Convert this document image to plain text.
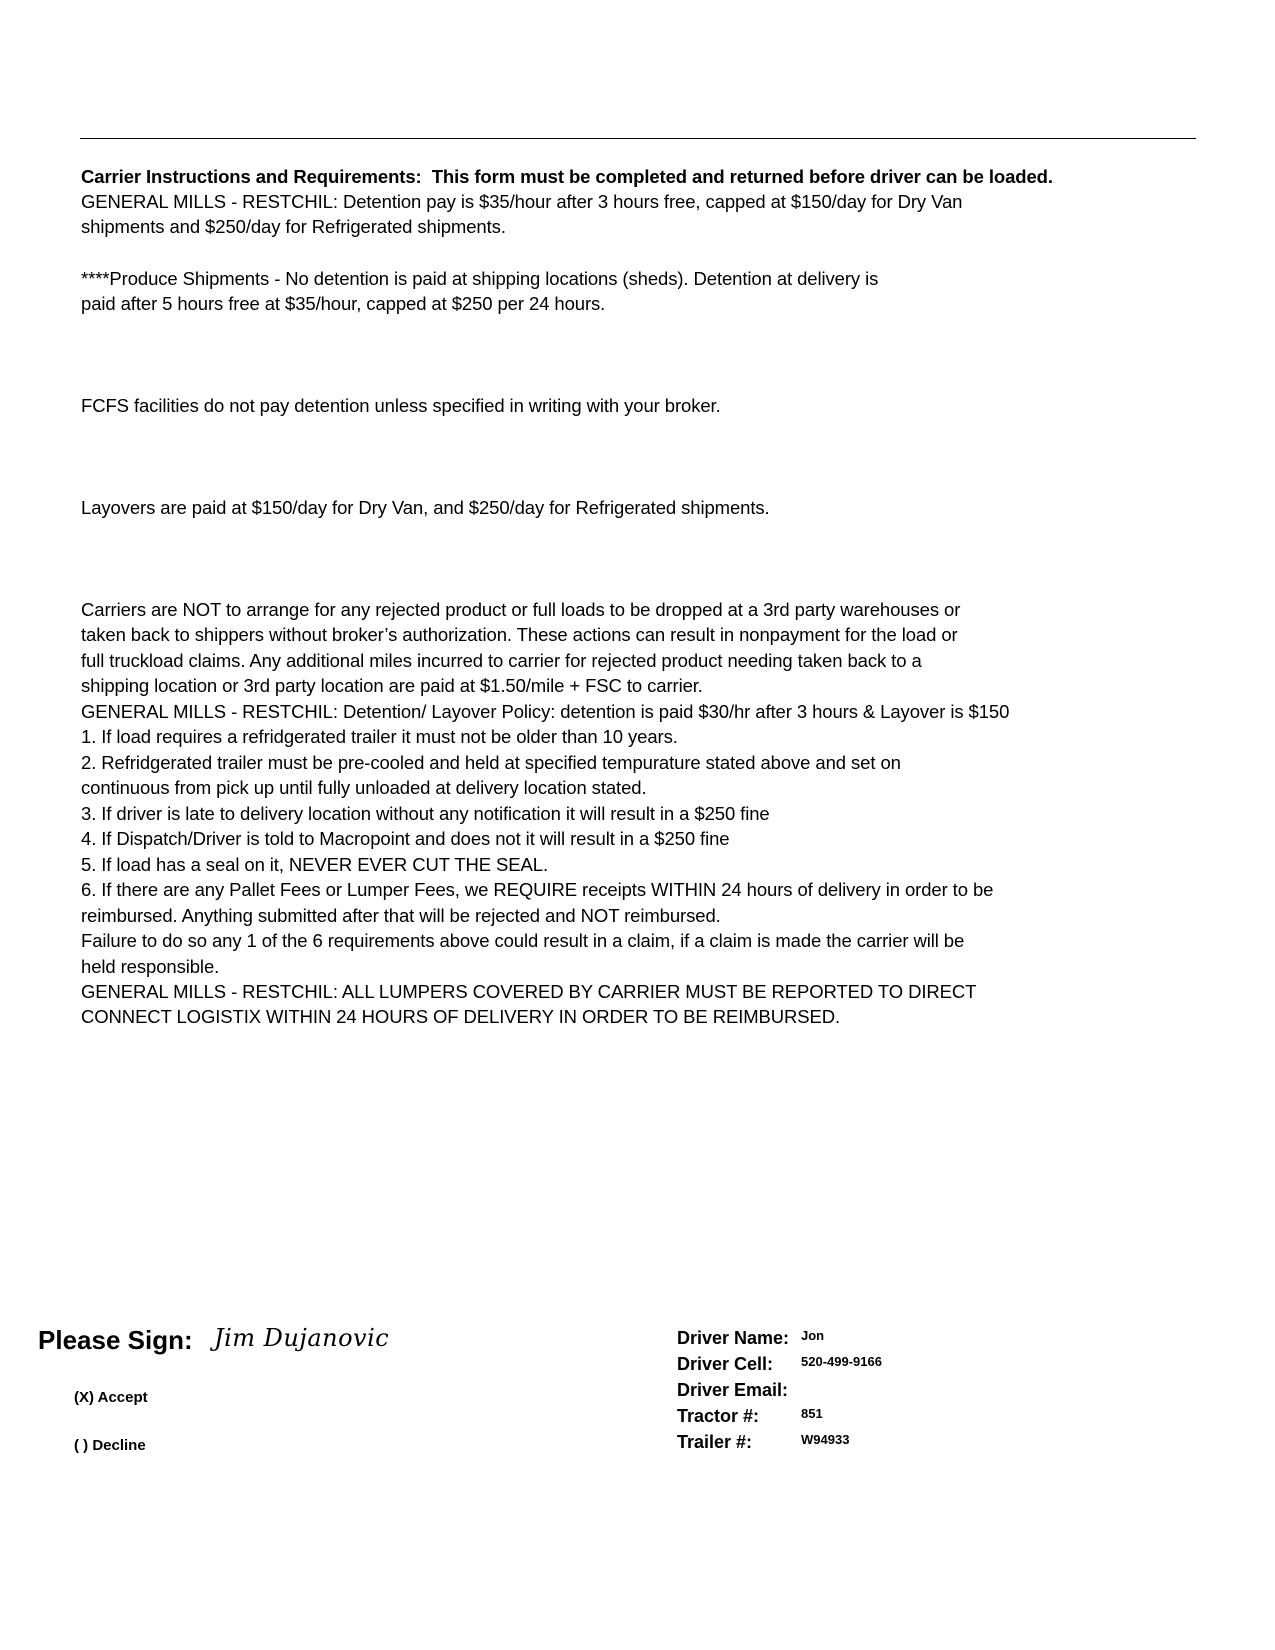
Carrier Instructions and Requirements: This form must be completed and returned before driver can be loaded.
GENERAL MILLS - RESTCHIL: Detention pay is $35/hour after 3 hours free, capped at $150/day for Dry Van
shipments and $250/day for Refrigerated shipments.
****Produce Shipments - No detention is paid at shipping locations (sheds). Detention at delivery is
paid after 5 hours free at $35/hour, capped at $250 per 24 hours.
FCFS facilities do not pay detention unless specified in writing with your broker.
Layovers are paid at $150/day for Dry Van, and $250/day for Refrigerated shipments.
Carriers are NOT to arrange for any rejected product or full loads to be dropped at a 3rd party warehouses or
taken back to shippers without broker’s authorization. These actions can result in nonpayment for the load or
full truckload claims. Any additional miles incurred to carrier for rejected product needing taken back to a
shipping location or 3rd party location are paid at $1.50/mile + FSC to carrier.
GENERAL MILLS - RESTCHIL: Detention/ Layover Policy: detention is paid $30/hr after 3 hours & Layover is $150
1. If load requires a refridgerated trailer it must not be older than 10 years.
2. Refridgerated trailer must be pre-cooled and held at specified tempurature stated above and set on
continuous from pick up until fully unloaded at delivery location stated.
3. If driver is late to delivery location without any notification it will result in a $250 fine
4. If Dispatch/Driver is told to Macropoint and does not it will result in a $250 fine
5. If load has a seal on it, NEVER EVER CUT THE SEAL.
6. If there are any Pallet Fees or Lumper Fees, we REQUIRE receipts WITHIN 24 hours of delivery in order to be
reimbursed. Anything submitted after that will be rejected and NOT reimbursed.
Failure to do so any 1 of the 6 requirements above could result in a claim, if a claim is made the carrier will be
held responsible.
GENERAL MILLS - RESTCHIL: ALL LUMPERS COVERED BY CARRIER MUST BE REPORTED TO DIRECT
CONNECT LOGISTIX WITHIN 24 HOURS OF DELIVERY IN ORDER TO BE REIMBURSED.
Please Sign: Jim Dujanovic
(X) Accept
( ) Decline
Driver Name: Jon
Driver Cell: 520-499-9166
Driver Email:
Tractor #:	851
Trailer #:	W94933
